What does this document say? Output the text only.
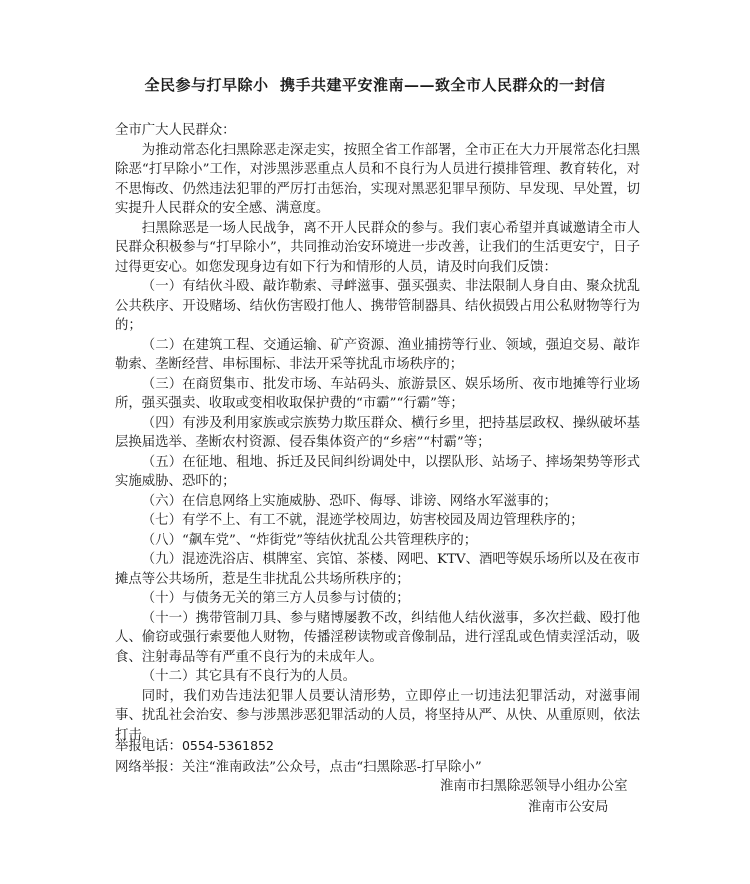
全民参与打早除小  携手共建平安淮南——致全市人民群众的一封信

全市广大人民群众：

为推动常态化扫黑除恶走深走实，按照全省工作部署，全市正在大力开展常态化扫黑除恶“打早除小”工作，对涉黑涉恶重点人员和不良行为人员进行摸排管理、教育转化，对不思悔改、仍然违法犯罪的严厉打击惩治，实现对黑恶犯罪早预防、早发现、早处置，切实提升人民群众的安全感、满意度。

扫黑除恶是一场人民战争，离不开人民群众的参与。我们衷心希望并真诚邀请全市人民群众积极参与“打早除小”，共同推动治安环境进一步改善，让我们的生活更安宁，日子过得更安心。如您发现身边有如下行为和情形的人员，请及时向我们反馈：

（一）有结伙斗殴、敲诈勒索、寻衅滋事、强买强卖、非法限制人身自由、聚众扰乱公共秩序、开设赌场、结伙伤害殴打他人、携带管制器具、结伙损毁占用公私财物等行为的；

（二）在建筑工程、交通运输、矿产资源、渔业捕捞等行业、领域，强迫交易、敲诈勒索、垄断经营、串标围标、非法开采等扰乱市场秩序的；

（三）在商贸集市、批发市场、车站码头、旅游景区、娱乐场所、夜市地摊等行业场所，强买强卖、收取或变相收取保护费的“市霸”“行霸”等；

（四）有涉及利用家族或宗族势力欺压群众、横行乡里，把持基层政权、操纵破坏基层换届选举、垄断农村资源、侵吞集体资产的“乡痞”“村霸”等；

（五）在征地、租地、拆迁及民间纠纷调处中，以摆队形、站场子、摔场架势等形式实施威胁、恐吓的；

（六）在信息网络上实施威胁、恐吓、侮辱、诽谤、网络水军滋事的；

（七）有学不上、有工不就，混迹学校周边，妨害校园及周边管理秩序的；

（八）“飙车党”、“炸街党”等结伙扰乱公共管理秩序的；

（九）混迹洗浴店、棋牌室、宾馆、茶楼、网吧、KTV、酒吧等娱乐场所以及在夜市摊点等公共场所，惹是生非扰乱公共场所秩序的；

（十）与债务无关的第三方人员参与讨债的；

（十一）携带管制刀具、参与赌博屡教不改，纠结他人结伙滋事，多次拦截、殴打他人、偷窃或强行索要他人财物，传播淫秽读物或音像制品，进行淫乱或色情卖淫活动，吸食、注射毒品等有严重不良行为的未成年人。

（十二）其它具有不良行为的人员。

同时，我们劝告违法犯罪人员要认清形势，立即停止一切违法犯罪活动，对滋事闹事、扰乱社会治安、参与涉黑涉恶犯罪活动的人员，将坚持从严、从快、从重原则，依法打击。

举报电话：0554-5361852

网络举报：关注“淮南政法”公众号，点击“扫黑除恶-打早除小”

淮南市扫黑除恶领导小组办公室

淮南市公安局
